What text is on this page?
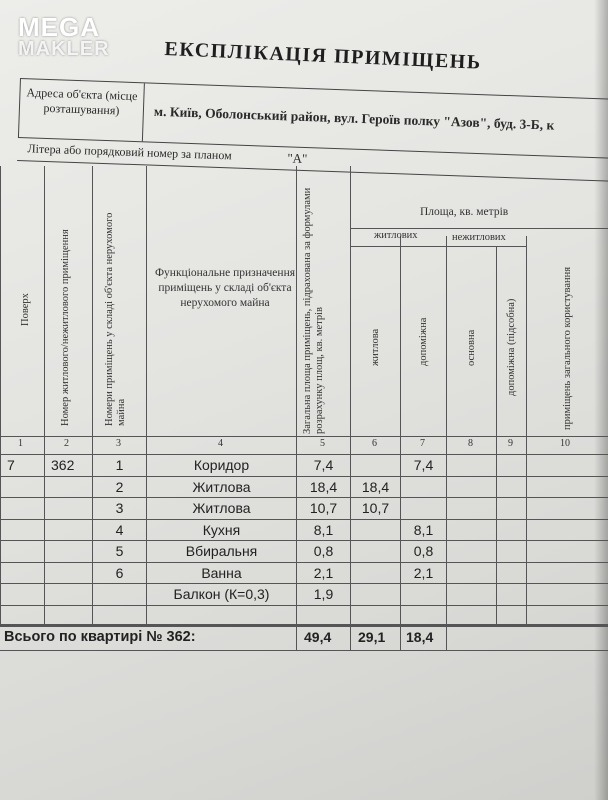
MEGA
MAKLER	ЕКСПЛІКАЦІЯ ПРИМІЩЕНЬ
Адреса об'єкта (місце розташування)	м. Київ, Оболонський район, вул. Героїв полку "Азов", буд. 3-Б, к
Літера або порядковий номер за планом	"А"
Поверх	Номер житлового/нежитлового приміщення	Номери приміщень у складі об'єкта нерухомого майна
Функціональне призначення приміщень у складі об'єкта нерухомого майна	Загальна площа приміщень, підрахована за формулами розрахунку площ, кв. метрів
Площа, кв. метрів
житлових	нежитлових
житлова	допоміжна	основна	допоміжна (підсобна)	приміщень загального користування
1	2	3	4	5	6	7	8	9	10
7	362	1	Коридор	7,4		7,4			
		2	Житлова	18,4	18,4				
		3	Житлова	10,7	10,7				
		4	Кухня	8,1		8,1			
		5	Вбиральня	0,8		0,8			
		6	Ванна	2,1		2,1			
			Балкон (К=0,3)	1,9					

Всього по квартирі № 362:	49,4 29,1 18,4
